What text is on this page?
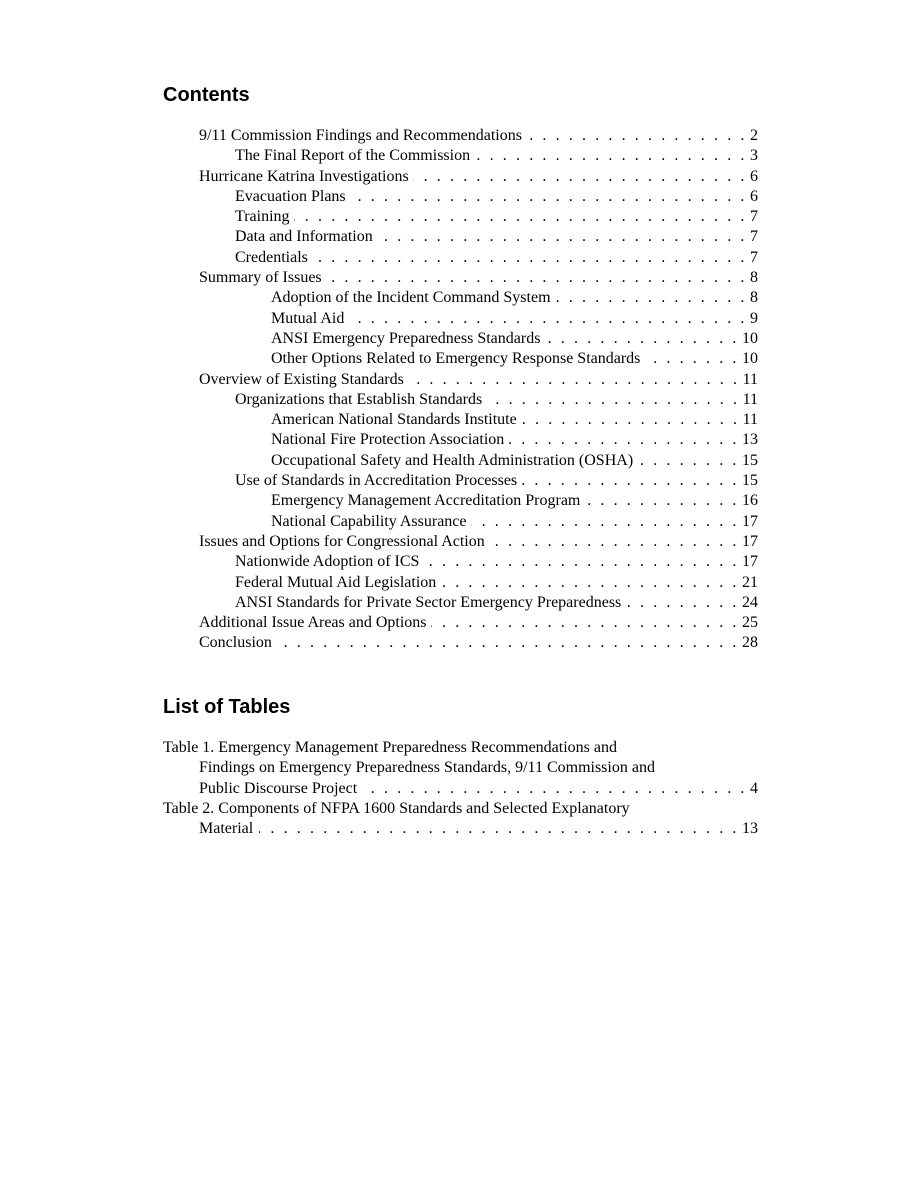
Contents
9/11 Commission Findings and Recommendations . . .	2
The Final Report of the Commission . . .	3
Hurricane Katrina Investigations . . .	6
Evacuation Plans . . .	6
Training . . .	7
Data and Information . . .	7
Credentials . . .	7
Summary of Issues . . .	8
Adoption of the Incident Command System . . .	8
Mutual Aid . . .	9
ANSI Emergency Preparedness Standards . . .	10
Other Options Related to Emergency Response Standards . . .	10
Overview of Existing Standards . . .	11
Organizations that Establish Standards . . .	11
American National Standards Institute . . .	11
National Fire Protection Association . . .	13
Occupational Safety and Health Administration (OSHA) . . .	15
Use of Standards in Accreditation Processes . . .	15
Emergency Management Accreditation Program . . .	16
National Capability Assurance . . .	17
Issues and Options for Congressional Action . . .	17
Nationwide Adoption of ICS . . .	17
Federal Mutual Aid Legislation . . .	21
ANSI Standards for Private Sector Emergency Preparedness . . .	24
Additional Issue Areas and Options . . .	25
Conclusion . . .	28
List of Tables
Table 1. Emergency Management Preparedness Recommendations and
Findings on Emergency Preparedness Standards, 9/11 Commission and
Public Discourse Project . . .	4
Table 2. Components of NFPA 1600 Standards and Selected Explanatory
Material . . .	13
